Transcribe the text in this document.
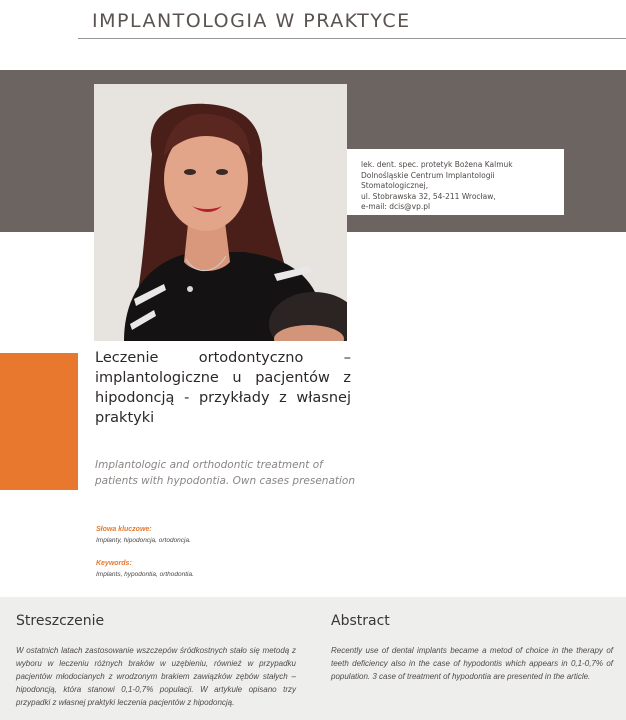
IMPLANTOLOGIA W PRAKTYCE
lek. dent. spec. protetyk Bożena Kalmuk
Dolnośląskie Centrum Implantologii Stomatologicznej,
ul. Stobrawska 32, 54-211 Wrocław,
e-mail: dcis@vp.pl
Leczenie ortodontyczno – implantologiczne u pacjentów z hipodoncją - przykłady z własnej praktyki
Implantologic and orthodontic treatment of patients with hypodontia. Own cases presenation
Słowa kluczowe:
Implanty, hipodoncja, ortodoncja.
Keywords:
Implants, hypodontia, orthodontia.
Streszczenie	Abstract
W ostatnich latach zastosowanie wszczepów śródkostnych stało się metodą z wyboru w leczeniu różnych braków w uzębieniu, również w przypadku pacjentów młodocianych z wrodzonym brakiem zawiązków zębów stałych – hipodoncją, która stanowi 0,1-0,7% populacji. W artykule opisano trzy przypadki z własnej praktyki leczenia pacjentów z hipodoncją.
Recently use of dental implants became a metod of choice in the therapy of teeth deficiency also in the case of hypodontis which appears in 0,1-0,7% of population. 3 case of treatment of hypodontia are presented in the article.
